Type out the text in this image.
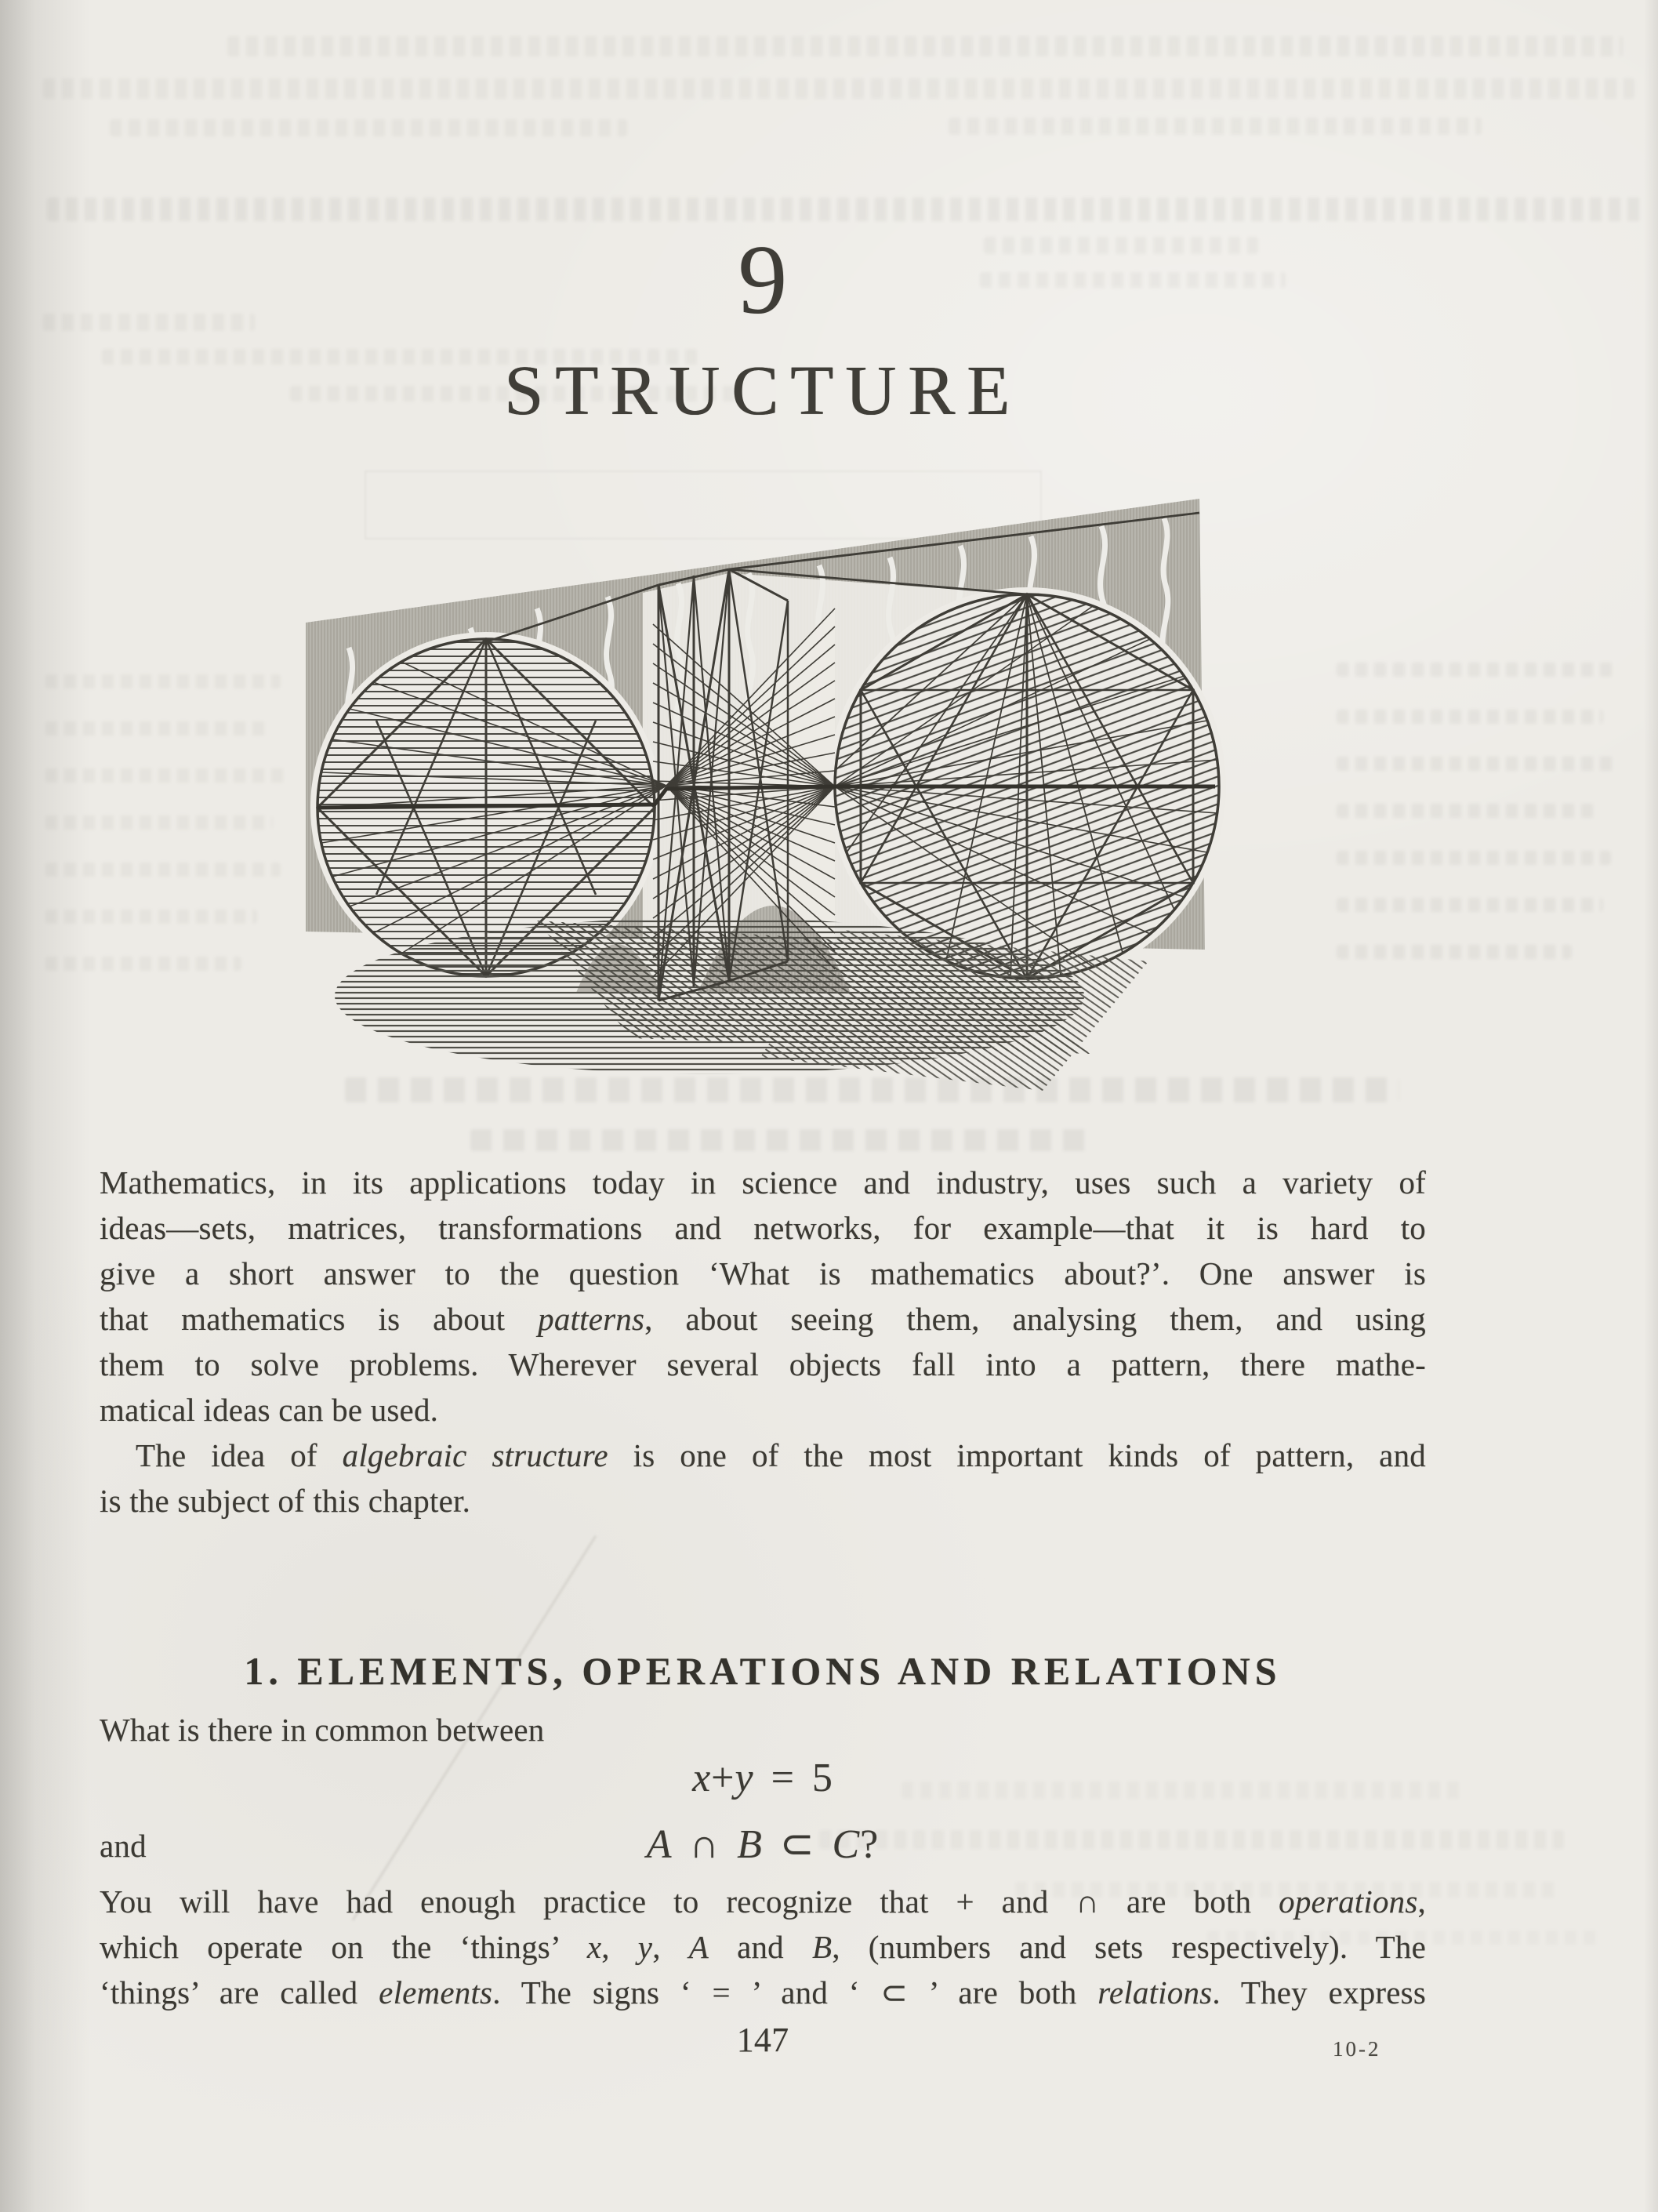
9
STRUCTURE
Mathematics, in its applications today in science and industry, uses such a variety of
ideas—sets, matrices, transformations and networks, for example—that it is hard to
give a short answer to the question ‘What is mathematics about?’. One answer is
that mathematics is about patterns, about seeing them, analysing them, and using
them to solve problems. Wherever several objects fall into a pattern, there mathe-
matical ideas can be used.
The idea of algebraic structure is one of the most important kinds of pattern, and
is the subject of this chapter.
1. ELEMENTS, OPERATIONS AND RELATIONS
What is there in common between
x+y = 5
and	A ∩ B ⊂ C?
You will have had enough practice to recognize that + and ∩ are both operations,
which operate on the ‘things’ x, y, A and B, (numbers and sets respectively). The
‘things’ are called elements. The signs ‘ = ’ and ‘ ⊂ ’ are both relations. They express
147	10-2
